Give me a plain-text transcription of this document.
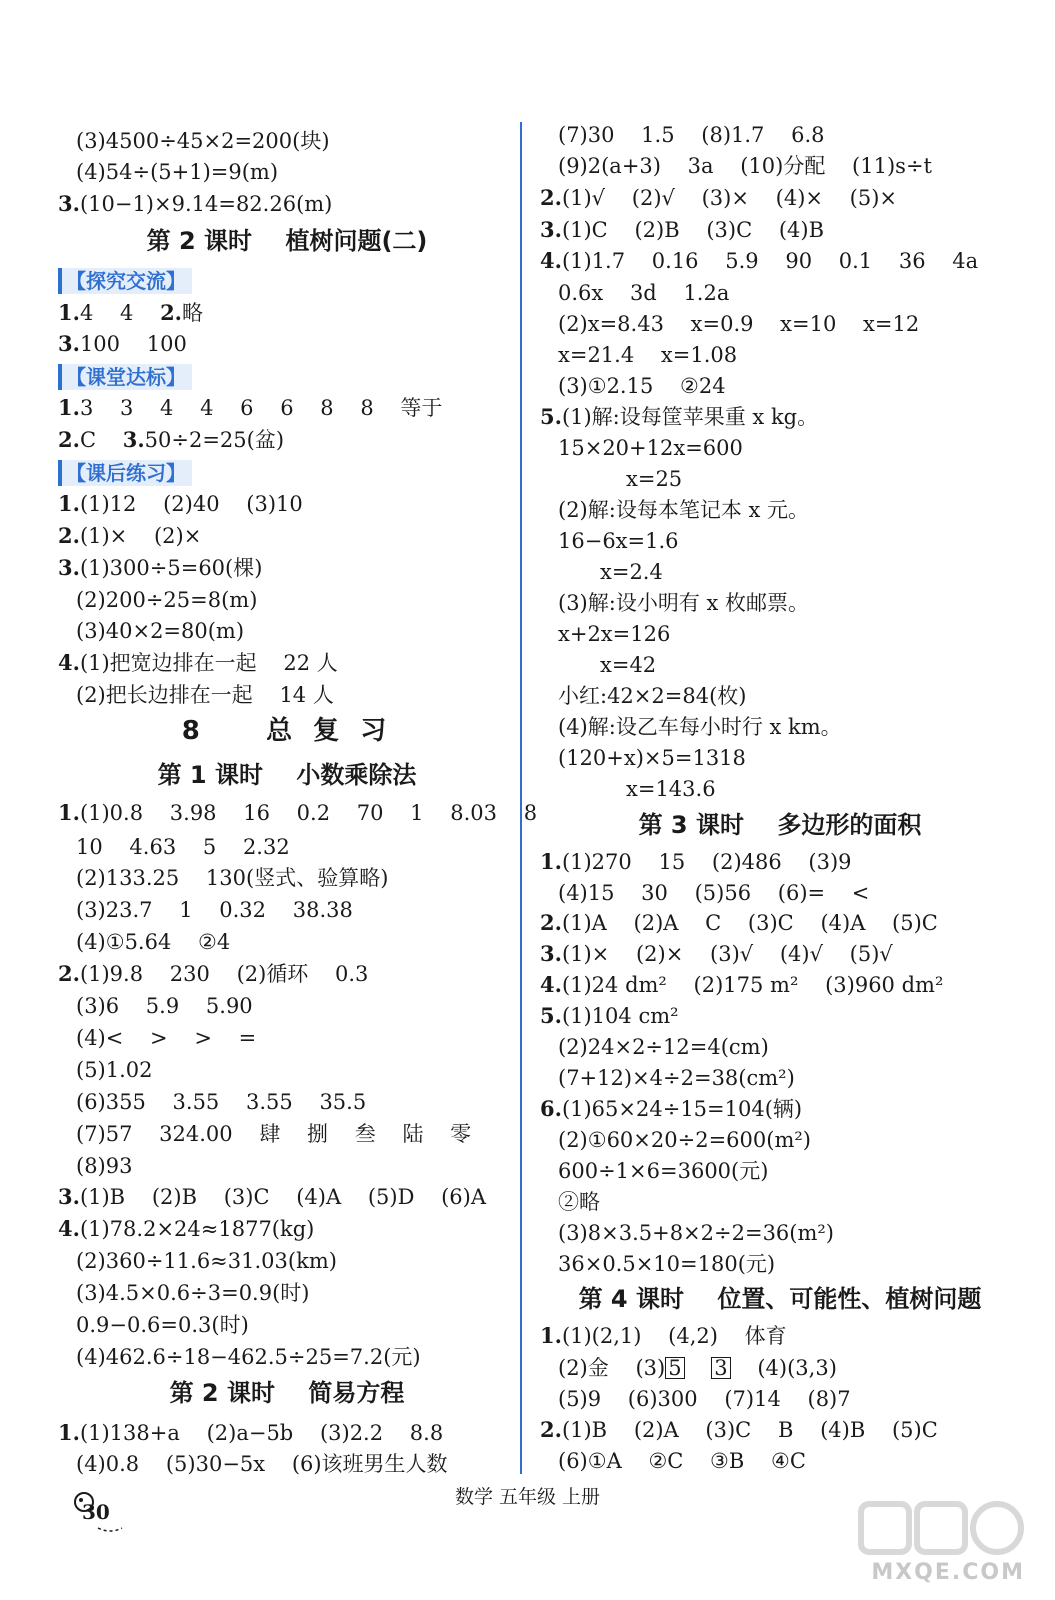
(3)4500÷45×2=200(块)
(4)54÷(5+1)=9(m)
3.(10−1)×9.14=82.26(m)
第 2 课时    植树问题(二)
【探究交流】
1.4    4    2.略
3.100    100
【课堂达标】
1.3    3    4    4    6    6    8    8    等于
2.C    3.50÷2=25(盆)
【课后练习】
1.(1)12    (2)40    (3)10
2.(1)×    (2)×
3.(1)300÷5=60(棵)
(2)200÷25=8(m)
(3)40×2=80(m)
4.(1)把宽边排在一起    22 人
(2)把长边排在一起    14 人
8    总 复 习
第 1 课时    小数乘除法
1.(1)0.8    3.98    16    0.2    70    1    8.03    8
10    4.63    5    2.32
(2)133.25    130(竖式、验算略)
(3)23.7    1    0.32    38.38
(4)①5.64    ②4
2.(1)9.8    230    (2)循环    0.3
(3)6    5.9    5.90
(4)<    >    >    =
(5)1.02
(6)355    3.55    3.55    35.5
(7)57    324.00    肆    捌    叁    陆    零
(8)93
3.(1)B    (2)B    (3)C    (4)A    (5)D    (6)A
4.(1)78.2×24≈1877(kg)
(2)360÷11.6≈31.03(km)
(3)4.5×0.6÷3=0.9(时)
0.9−0.6=0.3(时)
(4)462.6÷18−462.5÷25=7.2(元)
第 2 课时    简易方程
1.(1)138+a    (2)a−5b    (3)2.2    8.8
(4)0.8    (5)30−5x    (6)该班男生人数
(7)30    1.5    (8)1.7    6.8
(9)2(a+3)    3a    (10)分配    (11)s÷t
2.(1)√    (2)√    (3)×    (4)×    (5)×
3.(1)C    (2)B    (3)C    (4)B
4.(1)1.7    0.16    5.9    90    0.1    36    4a
0.6x    3d    1.2a
(2)x=8.43    x=0.9    x=10    x=12
x=21.4    x=1.08
(3)①2.15    ②24
5.(1)解:设每筐苹果重 x kg。
15×20+12x=600
x=25
(2)解:设每本笔记本 x 元。
16−6x=1.6
x=2.4
(3)解:设小明有 x 枚邮票。
x+2x=126
x=42
小红:42×2=84(枚)
(4)解:设乙车每小时行 x km。
(120+x)×5=1318
x=143.6
第 3 课时    多边形的面积
1.(1)270    15    (2)486    (3)9
(4)15    30    (5)56    (6)=    <
2.(1)A    (2)A    C    (3)C    (4)A    (5)C
3.(1)×    (2)×    (3)√    (4)√    (5)√
4.(1)24 dm²    (2)175 m²    (3)960 dm²
5.(1)104 cm²
(2)24×2÷12=4(cm)
(7+12)×4÷2=38(cm²)
6.(1)65×24÷15=104(辆)
(2)①60×20÷2=600(m²)
600÷1×6=3600(元)
②略
(3)8×3.5+8×2÷2=36(m²)
36×0.5×10=180(元)
第 4 课时    位置、可能性、植树问题
1.(1)(2,1)    (4,2)    体育
(2)金    (3) 5 3    (4)(3,3)
(5)9    (6)300    (7)14    (8)7
2.(1)B    (2)A    (3)C    B    (4)B    (5)C
(6)①A    ②C    ③B    ④C
30
数学 五年级 上册
MXQE.COM
